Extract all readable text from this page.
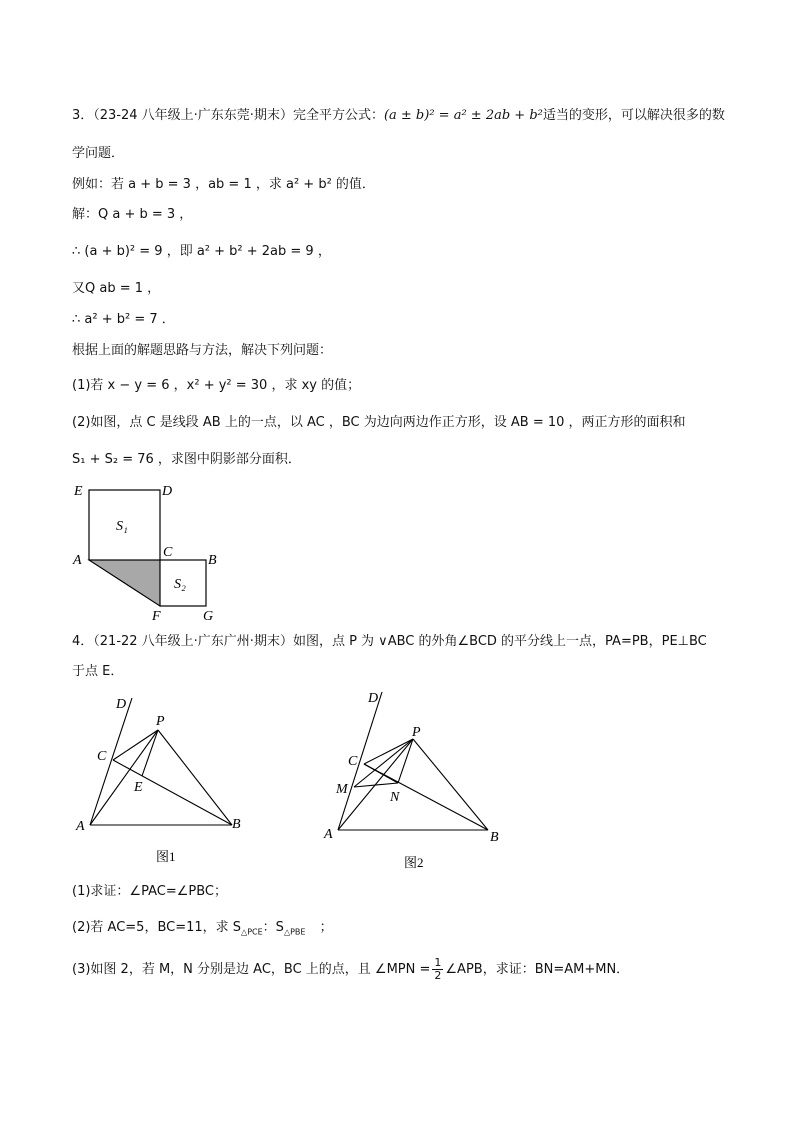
3．（23-24 八年级上·广东东莞·期末）完全平方公式：(a ± b)² = a² ± 2ab + b²适当的变形，可以解决很多的数
学问题．
例如：若 a + b = 3 ，ab = 1 ，求 a² + b² 的值．
解：Q a + b = 3 ，
∴ (a + b)² = 9 ，即 a² + b² + 2ab = 9 ，
又Q ab = 1 ，
∴ a² + b² = 7 ．
根据上面的解题思路与方法，解决下列问题：
(1)若 x − y = 6 ，x² + y² = 30 ，求 xy 的值；
(2)如图，点 C 是线段 AB 上的一点，以 AC ，BC 为边向两边作正方形，设 AB = 10 ，两正方形的面积和
S₁ + S₂ = 76 ，求图中阴影部分面积．
E	D
A
C
B
F	G
S₁
S₂
4．（21-22 八年级上·广东广州·期末）如图，点 P 为 ∨ABC 的外角∠BCD 的平分线上一点，PA=PB，PE⊥BC
于点 E．
D
P
C
E
A	B
图1
D
P
C
M
N
A	B
图2
(1)求证：∠PAC=∠PBC；
(2)若 AC=5，BC=11，求 $S_{\triangle PCE}$：$S_{\triangle PBE}$ ；
(3)如图 2，若 M，N 分别是边 AC，BC 上的点，且 ∠MPN = $\frac{1}{2}$ ∠APB，求证：BN=AM+MN．
